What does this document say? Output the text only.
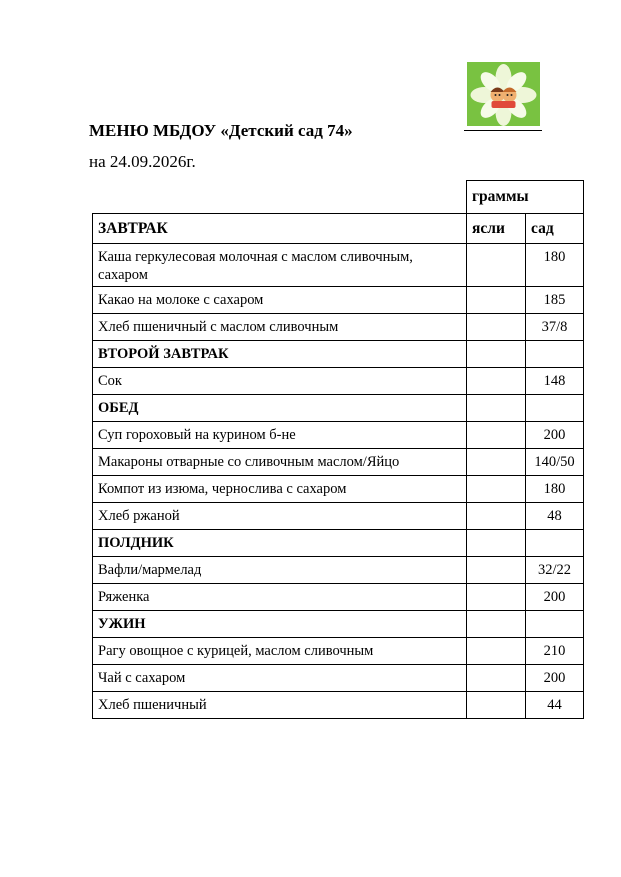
МЕНЮ МБДОУ «Детский сад 74»
на 24.09.2026г.
	граммы	
ЗАВТРАК	ясли	сад
Каша геркулесовая молочная с маслом сливочным, сахаром		180
Какао на молоке с сахаром		185
Хлеб пшеничный с маслом сливочным		37/8
ВТОРОЙ ЗАВТРАК		
Сок		148
ОБЕД		
Суп гороховый на курином б-не		200
Макароны отварные со сливочным маслом/Яйцо		140/50
Компот из изюма, чернослива с сахаром		180
Хлеб ржаной		48
ПОЛДНИК		
Вафли/мармелад		32/22
Ряженка		200
УЖИН		
Рагу овощное с курицей, маслом сливочным		210
Чай с сахаром		200
Хлеб пшеничный		44
